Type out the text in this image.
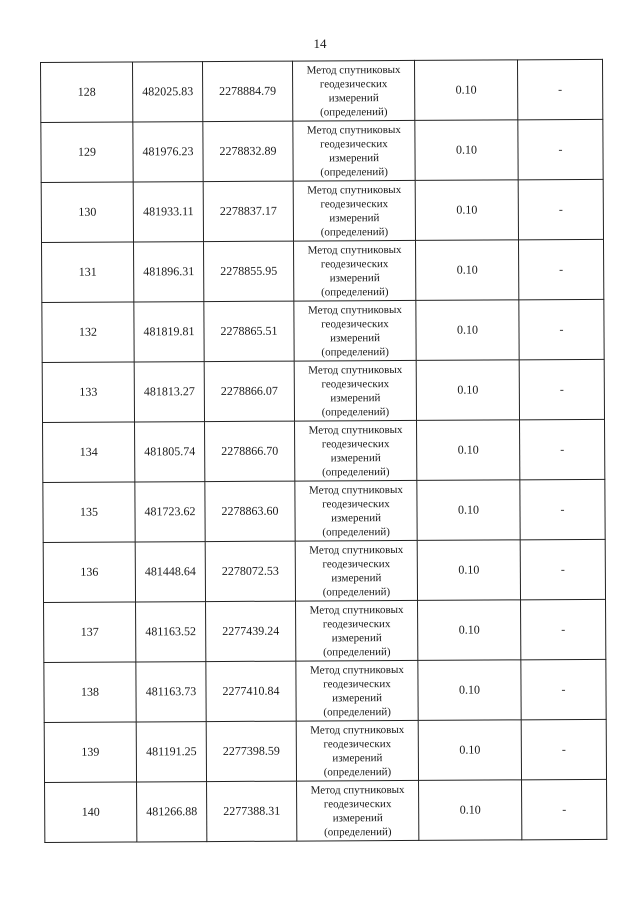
14
128	482025.83	2278884.79	Метод спутниковых
геодезических
измерений
(определений)	0.10	-
129	481976.23	2278832.89	Метод спутниковых
геодезических
измерений
(определений)	0.10	-
130	481933.11	2278837.17	Метод спутниковых
геодезических
измерений
(определений)	0.10	-
131	481896.31	2278855.95	Метод спутниковых
геодезических
измерений
(определений)	0.10	-
132	481819.81	2278865.51	Метод спутниковых
геодезических
измерений
(определений)	0.10	-
133	481813.27	2278866.07	Метод спутниковых
геодезических
измерений
(определений)	0.10	-
134	481805.74	2278866.70	Метод спутниковых
геодезических
измерений
(определений)	0.10	-
135	481723.62	2278863.60	Метод спутниковых
геодезических
измерений
(определений)	0.10	-
136	481448.64	2278072.53	Метод спутниковых
геодезических
измерений
(определений)	0.10	-
137	481163.52	2277439.24	Метод спутниковых
геодезических
измерений
(определений)	0.10	-
138	481163.73	2277410.84	Метод спутниковых
геодезических
измерений
(определений)	0.10	-
139	481191.25	2277398.59	Метод спутниковых
геодезических
измерений
(определений)	0.10	-
140	481266.88	2277388.31	Метод спутниковых
геодезических
измерений
(определений)	0.10	-
